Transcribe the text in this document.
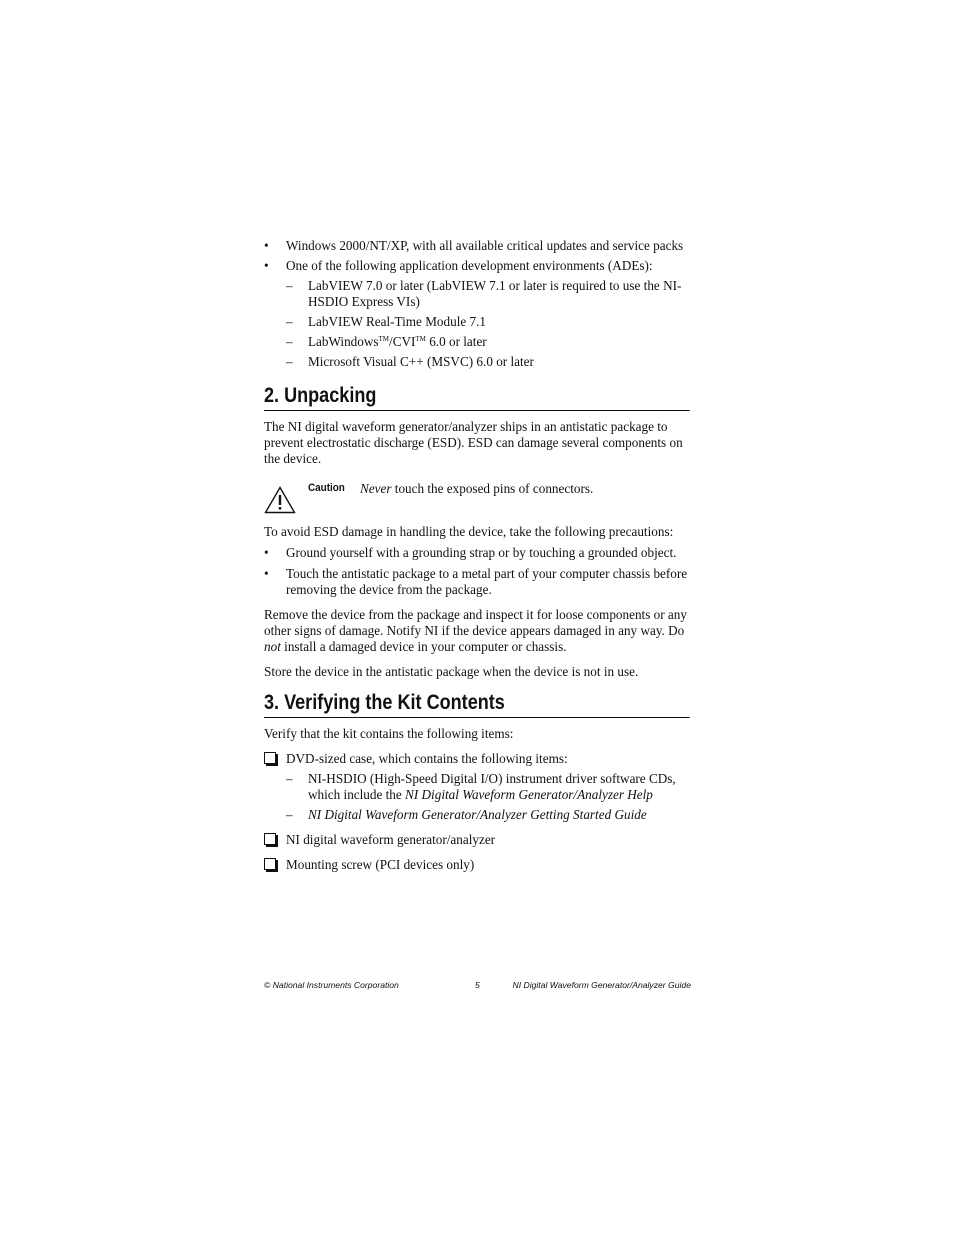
• Windows 2000/NT/XP, with all available critical updates and service packs
• One of the following application development environments (ADEs):
– LabVIEW 7.0 or later (LabVIEW 7.1 or later is required to use the NI-HSDIO Express VIs)
– LabVIEW Real-Time Module 7.1
– LabWindows™/CVI™ 6.0 or later
– Microsoft Visual C++ (MSVC) 6.0 or later
2. Unpacking

The NI digital waveform generator/analyzer ships in an antistatic package to prevent electrostatic discharge (ESD). ESD can damage several components on the device.

Caution	Never touch the exposed pins of connectors.

To avoid ESD damage in handling the device, take the following precautions:

• Ground yourself with a grounding strap or by touching a grounded object.
• Touch the antistatic package to a metal part of your computer chassis before removing the device from the package.

Remove the device from the package and inspect it for loose components or any other signs of damage. Notify NI if the device appears damaged in any way. Do not install a damaged device in your computer or chassis.

Store the device in the antistatic package when the device is not in use.

3. Verifying the Kit Contents

Verify that the kit contains the following items:

DVD-sized case, which contains the following items:
– NI-HSDIO (High-Speed Digital I/O) instrument driver software CDs, which include the NI Digital Waveform Generator/Analyzer Help
– NI Digital Waveform Generator/Analyzer Getting Started Guide
NI digital waveform generator/analyzer
Mounting screw (PCI devices only)
© National Instruments Corporation	5	NI Digital Waveform Generator/Analyzer Guide
